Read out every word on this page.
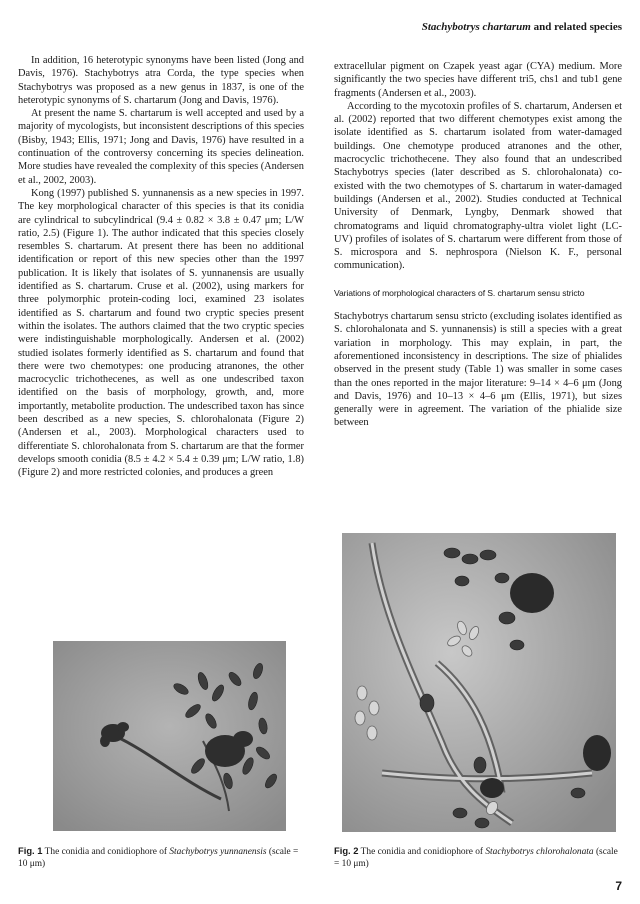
Stachybotrys chartarum and related species

In addition, 16 heterotypic synonyms have been listed (Jong and Davis, 1976). Stachybotrys atra Corda, the type species when Stachybotrys was proposed as a new genus in 1837, is one of the heterotypic synonyms of S. chartarum (Jong and Davis, 1976).

At present the name S. chartarum is well accepted and used by a majority of mycologists, but inconsistent descriptions of this species (Bisby, 1943; Ellis, 1971; Jong and Davis, 1976) have resulted in a continuation of the controversy concerning its species delineation. More studies have revealed the complexity of this species (Andersen et al., 2002, 2003).

Kong (1997) published S. yunnanensis as a new species in 1997. The key morphological character of this species is that its conidia are cylindrical to subcylindrical (9.4 ± 0.82 × 3.8 ± 0.47 μm; L/W ratio, 2.5) (Figure 1). The author indicated that this species closely resembles S. chartarum. At present there has been no additional identification or report of this new species other than the 1997 publication. It is likely that isolates of S. yunnanensis are usually identified as S. chartarum. Cruse et al. (2002), using markers for three polymorphic protein-coding loci, examined 23 isolates identified as S. chartarum and found two cryptic species present within the isolates. The authors claimed that the two cryptic species were indistinguishable morphologically. Andersen et al. (2002) studied isolates formerly identified as S. chartarum and found that there were two chemotypes: one producing atranones, the other macrocyclic trichothecenes, as well as one undescribed taxon identified on the basis of morphology, growth, and, more importantly, metabolite production. The undescribed taxon has since been described as a new species, S. chlorohalonata (Figure 2) (Andersen et al., 2003). Morphological characters used to differentiate S. chlorohalonata from S. chartarum are that the former develops smooth conidia (8.5 ± 4.2 × 5.4 ± 0.39 μm; L/W ratio, 1.8) (Figure 2) and more restricted colonies, and produces a green

extracellular pigment on Czapek yeast agar (CYA) medium. More significantly the two species have different tri5, chs1 and tub1 gene fragments (Andersen et al., 2003).

According to the mycotoxin profiles of S. chartarum, Andersen et al. (2002) reported that two different chemotypes exist among the isolate identified as S. chartarum isolated from water-damaged buildings. One chemotype produced atranones and the other, macrocyclic trichothecene. They also found that an undescribed Stachybotrys species (later described as S. chlorohalonata) co-existed with the two chemotypes of S. chartarum in water-damaged buildings (Andersen et al., 2002). Studies conducted at Technical University of Denmark, Lyngby, Denmark showed that chromatograms and liquid chromatography-ultra violet light (LC-UV) profiles of isolates of S. chartarum were different from those of S. microspora and S. nephrospora (Nielson K. F., personal communication).

Variations of morphological characters of S. chartarum sensu stricto

Stachybotrys chartarum sensu stricto (excluding isolates identified as S. chlorohalonata and S. yunnanensis) is still a species with a great variation in morphology. This may explain, in part, the aforementioned inconsistency in descriptions. The size of phialides observed in the present study (Table 1) was smaller in some cases than the ones reported in the major literature: 9–14 × 4–6 μm (Jong and Davis, 1976) and 10–13 × 4–6 μm (Ellis, 1971), but sizes generally were in agreement. The variation of the phialide size between

Fig. 1 The conidia and conidiophore of Stachybotrys yunnanensis (scale = 10 μm)
Fig. 2 The conidia and conidiophore of Stachybotrys chlorohalonata (scale = 10 μm)
7
